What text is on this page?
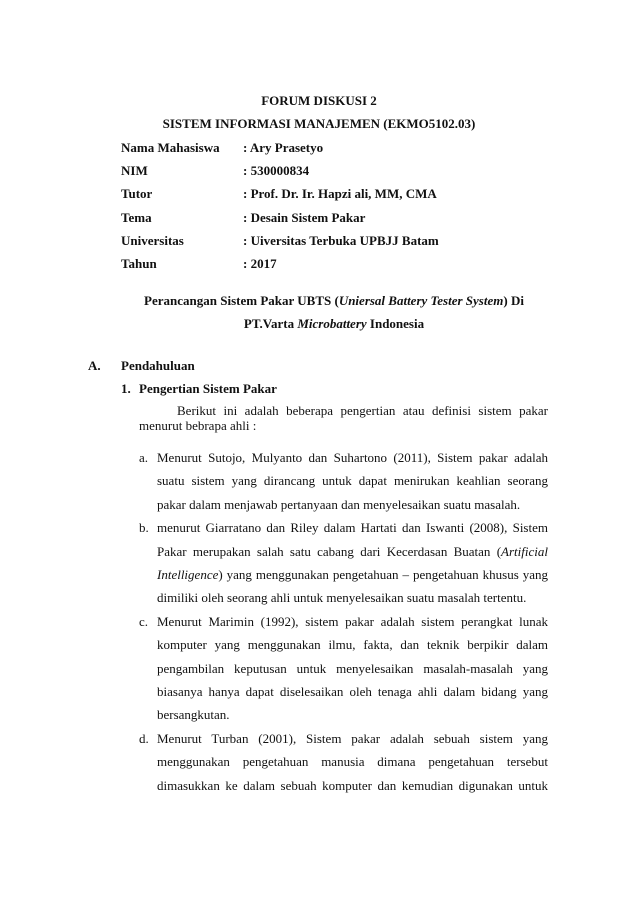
FORUM DISKUSI 2
SISTEM INFORMASI MANAJEMEN (EKMO5102.03)
Nama Mahasiswa	: Ary Prasetyo
NIM	: 530000834
Tutor	: Prof. Dr. Ir. Hapzi ali, MM, CMA
Tema	: Desain Sistem Pakar
Universitas	: Uiversitas Terbuka UPBJJ Batam
Tahun	: 2017
Perancangan Sistem Pakar UBTS (Uniersal Battery Tester System) Di
PT.Varta Microbattery Indonesia
A.	Pendahuluan
1. Pengertian Sistem Pakar
Berikut ini adalah beberapa pengertian atau definisi sistem pakar menurut bebrapa ahli :
a. Menurut Sutojo, Mulyanto dan Suhartono (2011), Sistem pakar adalah suatu sistem yang dirancang untuk dapat menirukan keahlian seorang pakar dalam menjawab pertanyaan dan menyelesaikan suatu masalah.
b. menurut Giarratano dan Riley dalam Hartati dan Iswanti (2008), Sistem Pakar merupakan salah satu cabang dari Kecerdasan Buatan (Artificial Intelligence) yang menggunakan pengetahuan – pengetahuan khusus yang dimiliki oleh seorang ahli untuk menyelesaikan suatu masalah tertentu.
c. Menurut Marimin (1992), sistem pakar adalah sistem perangkat lunak komputer yang menggunakan ilmu, fakta, dan teknik berpikir dalam pengambilan keputusan untuk menyelesaikan masalah-masalah yang biasanya hanya dapat diselesaikan oleh tenaga ahli dalam bidang yang bersangkutan.
d. Menurut Turban (2001), Sistem pakar adalah sebuah sistem yang menggunakan pengetahuan manusia dimana pengetahuan tersebut dimasukkan ke dalam sebuah komputer dan kemudian digunakan untuk
